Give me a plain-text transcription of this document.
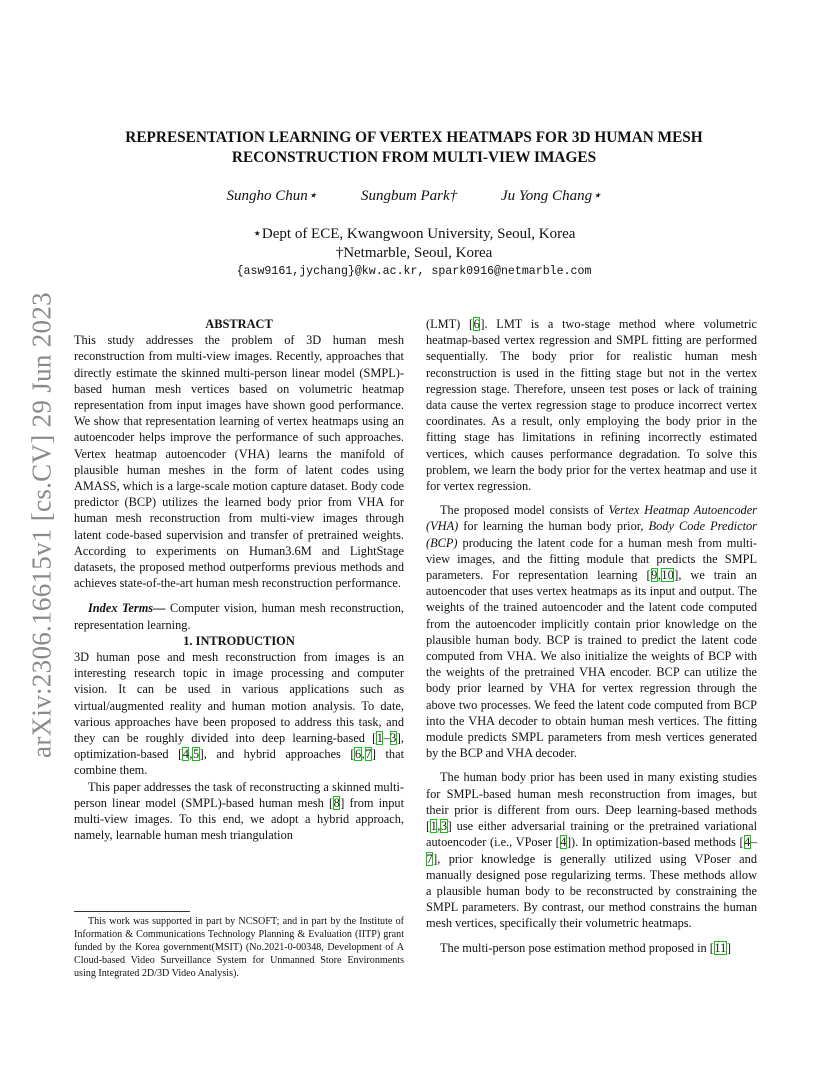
arXiv:2306.16615v1 [cs.CV] 29 Jun 2023
REPRESENTATION LEARNING OF VERTEX HEATMAPS FOR 3D HUMAN MESH
RECONSTRUCTION FROM MULTI-VIEW IMAGES
Sungho Chun⋆	Sungbum Park†	Ju Yong Chang⋆
⋆Dept of ECE, Kwangwoon University, Seoul, Korea
†Netmarble, Seoul, Korea
{asw9161,jychang}@kw.ac.kr, spark0916@netmarble.com

ABSTRACT

This study addresses the problem of 3D human mesh reconstruction from multi-view images. Recently, approaches that directly estimate the skinned multi-person linear model (SMPL)-based human mesh vertices based on volumetric heatmap representation from input images have shown good performance. We show that representation learning of vertex heatmaps using an autoencoder helps improve the performance of such approaches. Vertex heatmap autoencoder (VHA) learns the manifold of plausible human meshes in the form of latent codes using AMASS, which is a large-scale motion capture dataset. Body code predictor (BCP) utilizes the learned body prior from VHA for human mesh reconstruction from multi-view images through latent code-based supervision and transfer of pretrained weights. According to experiments on Human3.6M and LightStage datasets, the proposed method outperforms previous methods and achieves state-of-the-art human mesh reconstruction performance.

Index Terms— Computer vision, human mesh reconstruction, representation learning.

1. INTRODUCTION

3D human pose and mesh reconstruction from images is an interesting research topic in image processing and computer vision. It can be used in various applications such as virtual/augmented reality and human motion analysis. To date, various approaches have been proposed to address this task, and they can be roughly divided into deep learning-based [1–3], optimization-based [4,5], and hybrid approaches [6,7] that combine them.

This paper addresses the task of reconstructing a skinned multi-person linear model (SMPL)-based human mesh [8] from input multi-view images. To this end, we adopt a hybrid approach, namely, learnable human mesh triangulation

(LMT) [6]. LMT is a two-stage method where volumetric heatmap-based vertex regression and SMPL fitting are performed sequentially. The body prior for realistic human mesh reconstruction is used in the fitting stage but not in the vertex regression stage. Therefore, unseen test poses or lack of training data cause the vertex regression stage to produce incorrect vertex coordinates. As a result, only employing the body prior in the fitting stage has limitations in refining incorrectly estimated vertices, which causes performance degradation. To solve this problem, we learn the body prior for the vertex heatmap and use it for vertex regression.

The proposed model consists of Vertex Heatmap Autoencoder (VHA) for learning the human body prior, Body Code Predictor (BCP) producing the latent code for a human mesh from multi-view images, and the fitting module that predicts the SMPL parameters. For representation learning [9,10], we train an autoencoder that uses vertex heatmaps as its input and output. The weights of the trained autoencoder and the latent code computed from the autoencoder implicitly contain prior knowledge on the plausible human body. BCP is trained to predict the latent code computed from VHA. We also initialize the weights of BCP with the weights of the pretrained VHA encoder. BCP can utilize the body prior learned by VHA for vertex regression through the above two processes. We feed the latent code computed from BCP into the VHA decoder to obtain human mesh vertices. The fitting module predicts SMPL parameters from mesh vertices generated by the BCP and VHA decoder.

The human body prior has been used in many existing studies for SMPL-based human mesh reconstruction from images, but their prior is different from ours. Deep learning-based methods [1,3] use either adversarial training or the pretrained variational autoencoder (i.e., VPoser [4]). In optimization-based methods [4–7], prior knowledge is generally utilized using VPoser and manually designed pose regularizing terms. These methods allow a plausible human body to be reconstructed by constraining the SMPL parameters. By contrast, our method constrains the human mesh vertices, specifically their volumetric heatmaps.

The multi-person pose estimation method proposed in [11]

This work was supported in part by NCSOFT; and in part by the Institute of Information & Communications Technology Planning & Evaluation (IITP) grant funded by the Korea government(MSIT) (No.2021-0-00348, Development of A Cloud-based Video Surveillance System for Unmanned Store Environments using Integrated 2D/3D Video Analysis).
